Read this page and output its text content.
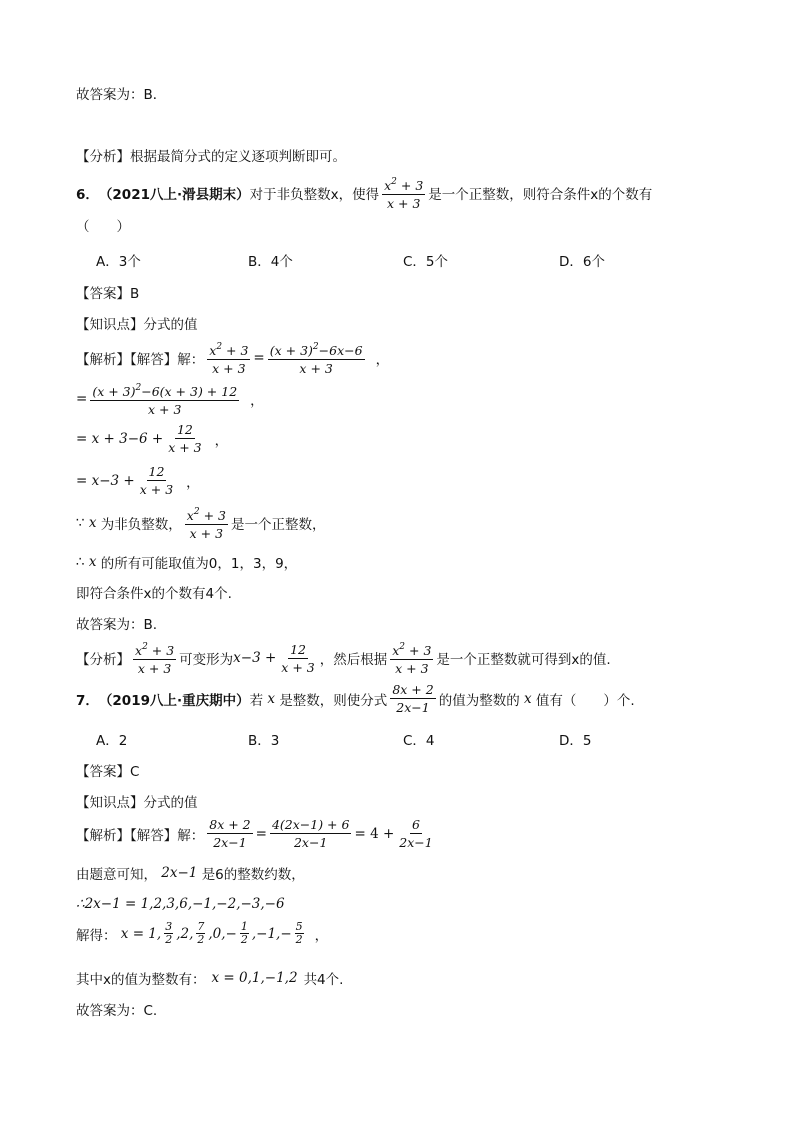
故答案为：B．
【分析】根据最简分式的定义逐项判断即可。
6． （2021八上·滑县期末） 对于非负整数x，使得 $\frac{x^2 + 3}{x + 3}$ 是一个正整数，则符合条件x的个数有
（　　）
A．3个	B．4个	C．5个	D．6个
【答案】B
【知识点】分式的值
【解析】【解答】解： $\frac{x^2 + 3}{x + 3} = \frac{(x + 3)^2-6x-6}{x + 3}$ ，
= $\frac{(x + 3)^2-6(x + 3) + 12}{x + 3}$ ，
= $x + 3-6 + \frac{12}{x + 3}$ ，
= $x-3 + \frac{12}{x + 3}$ ，
∵ x 为非负整数， $\frac{x^2 + 3}{x + 3}$ 是一个正整数，
∴ x 的所有可能取值为0，1，3，9，
即符合条件x的个数有4个.
故答案为：B.
【分析】 $\frac{x^2 + 3}{x + 3}$ 可变形为 $x-3 + \frac{12}{x + 3}$ ，然后根据 $\frac{x^2 + 3}{x + 3}$ 是一个正整数就可得到x的值.
7． （2019八上·重庆期中） 若 x 是整数，则使分式 $\frac{8x + 2}{2x-1}$ 的值为整数的 x 值有（　　）个.
A．2	B．3	C．4	D．5
【答案】C
【知识点】分式的值
【解析】【解答】解： $\frac{8x + 2}{2x-1} = \frac{4(2x-1) + 6}{2x-1} = 4 + \frac{6}{2x-1}$
由题意可知， 2x−1 是6的整数约数，
∴2x−1 = 1,2,3,6,−1,−2,−3,−6
解得： x = 1, $\frac{3}{2} ,2$, $\frac{7}{2} ,0,- \frac{1}{2} ,-1,- \frac{5}{2}$ ，
其中x的值为整数有： x = 0,1,−1,2 共4个.
故答案为：C.
